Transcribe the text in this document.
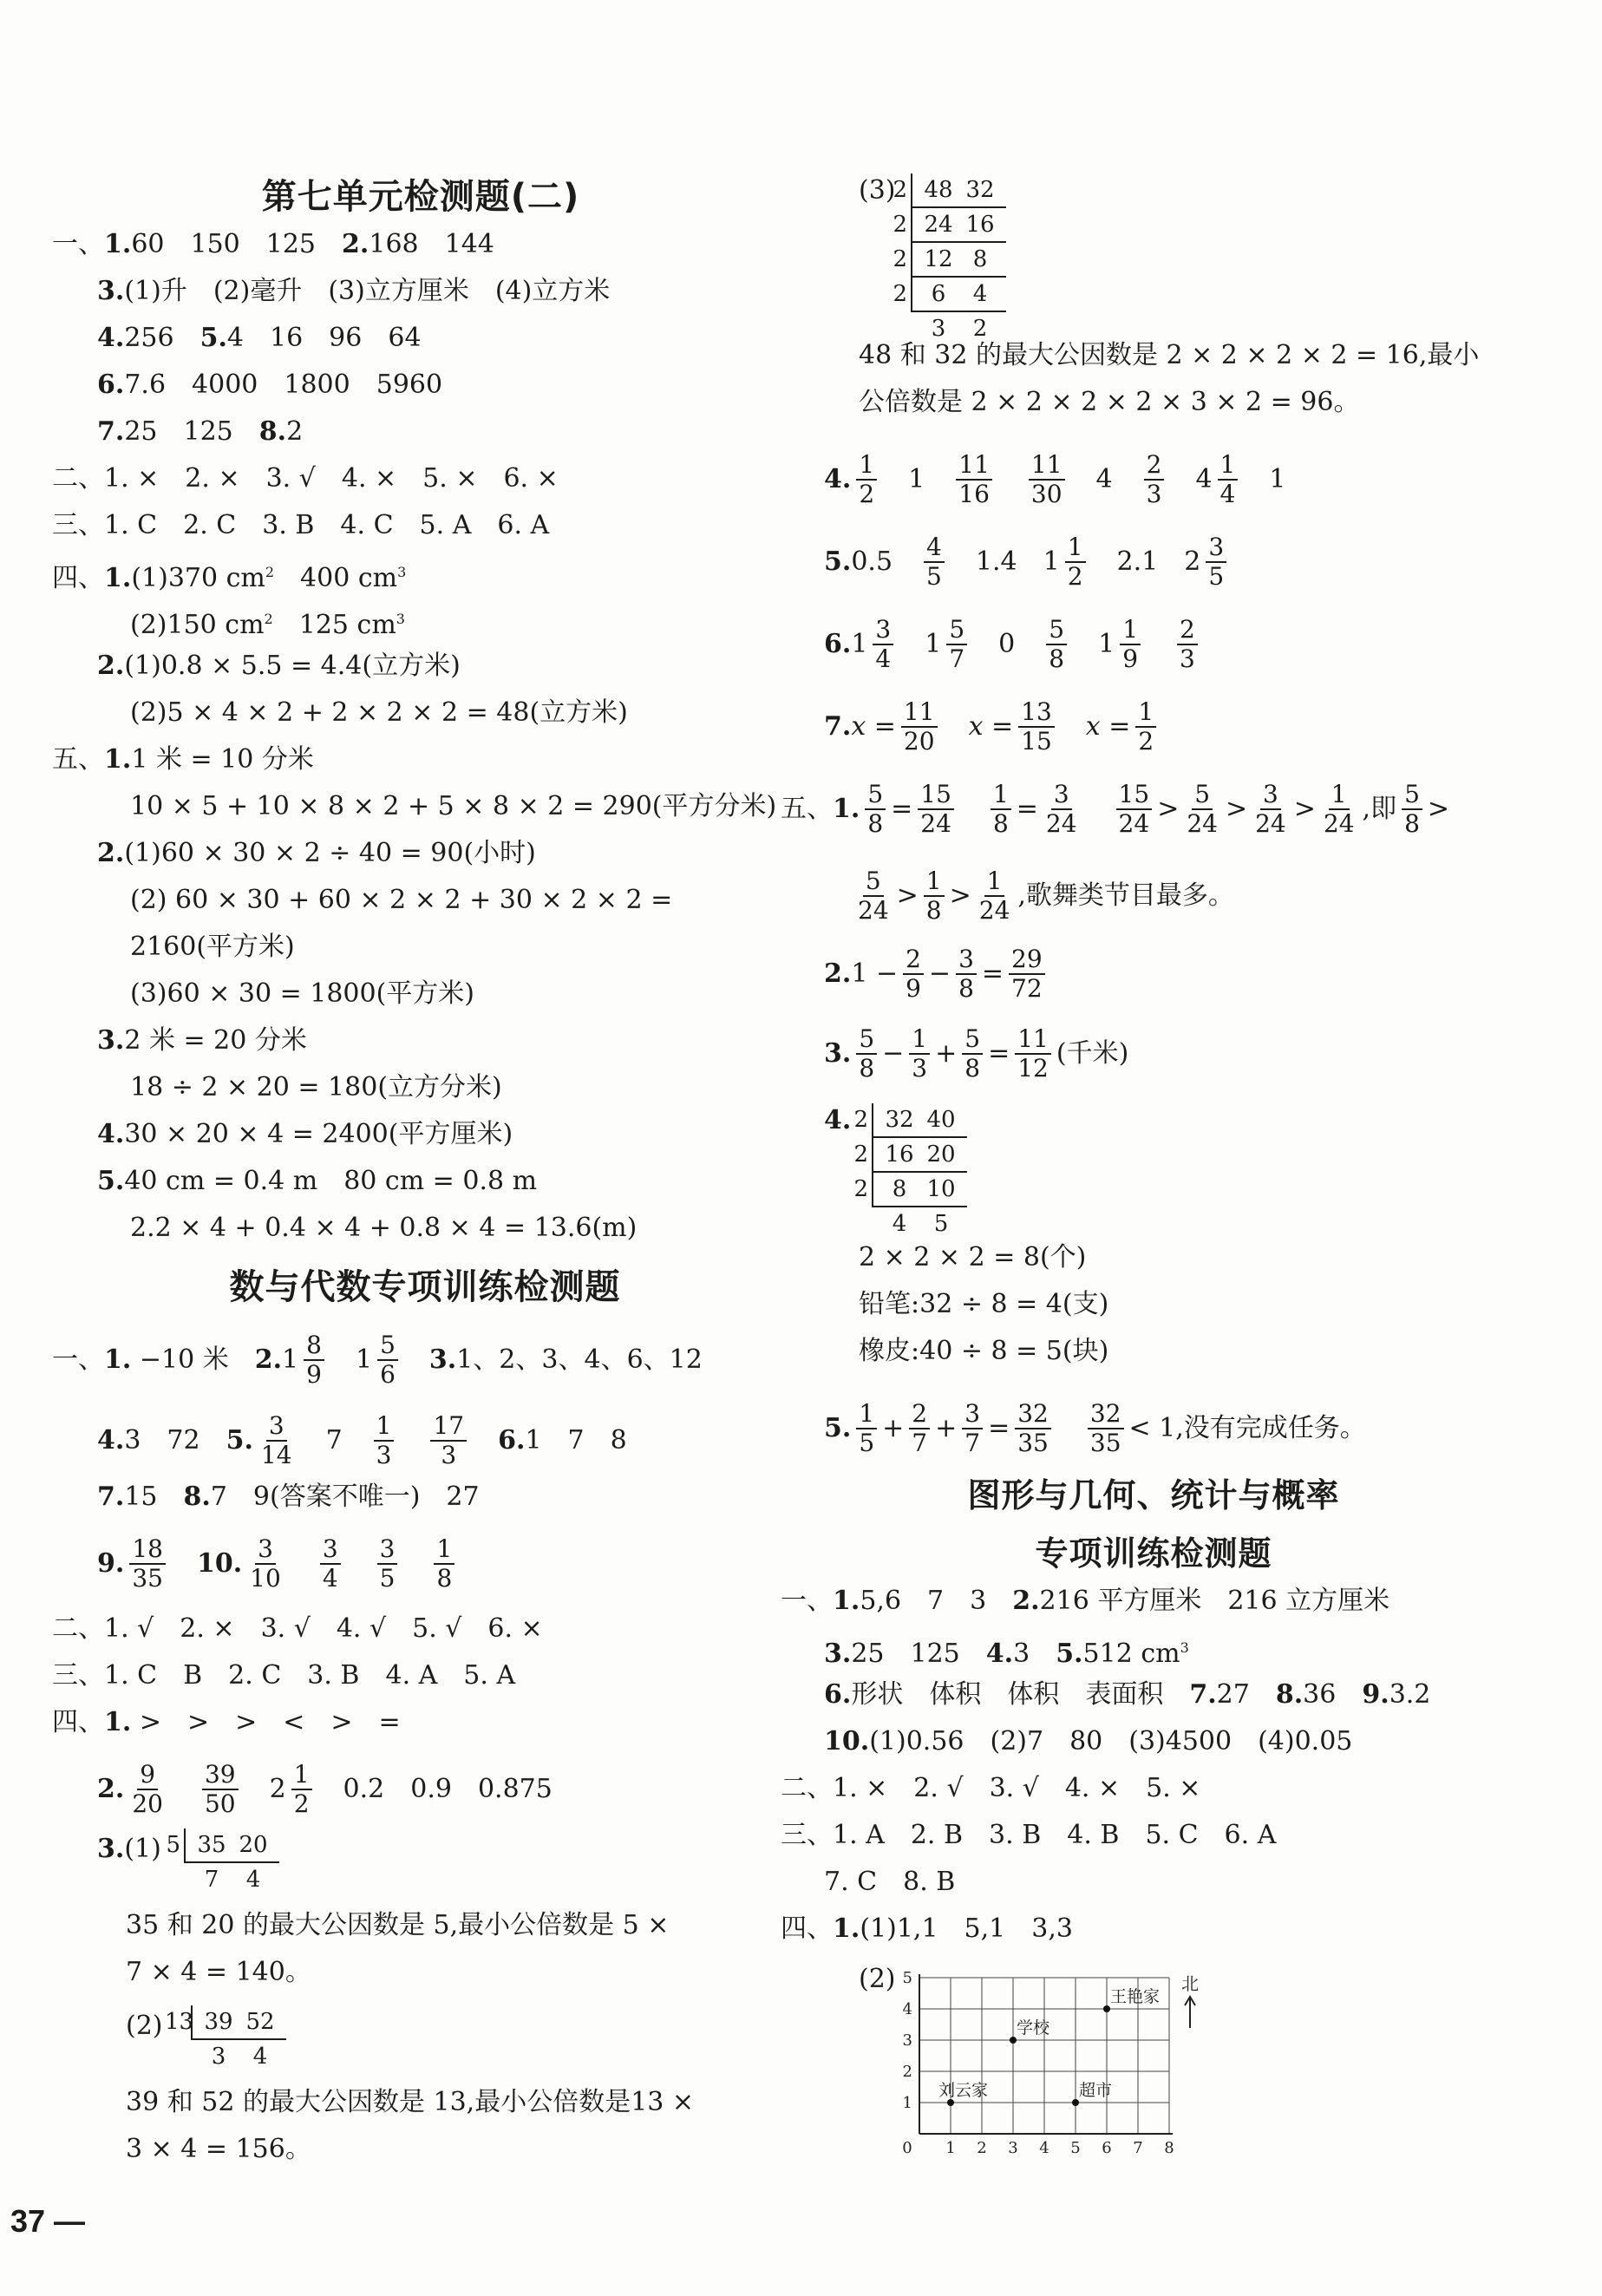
第七单元检测题(二)
一、1.60　150　125　2.168　144
3.(1)升　(2)毫升　(3)立方厘米　(4)立方米
4.256　5.4　16　96　64
6.7.6　4000　1800　5960
7.25　125　8.2
二、1. ×　2. ×　3. √　4. ×　5. ×　6. ×
三、1. C　2. C　3. B　4. C　5. A　6. A
四、1.(1)370 $cm^2$　400 $cm^3$
(2)150 $cm^2$　125 $cm^3$
2.(1)0.8 × 5.5 = 4.4(立方米)
(2)5 × 4 × 2 + 2 × 2 × 2 = 48(立方米)
五、1.1 米 = 10 分米
10 × 5 + 10 × 8 × 2 + 5 × 8 × 2 = 290(平方分米)
2.(1)60 × 30 × 2 ÷ 40 = 90(小时)
(2) 60 × 30 + 60 × 2 × 2 + 30 × 2 × 2 =
2160(平方米)
(3)60 × 30 = 1800(平方米)
3.2 米 = 20 分米
18 ÷ 2 × 20 = 180(立方分米)
4.30 × 20 × 4 = 2400(平方厘米)
5.40 cm = 0.4 m　80 cm = 0.8 m
2.2 × 4 + 0.4 × 4 + 0.8 × 4 = 13.6(m)
数与代数专项训练检测题
一、1. −10 米　$2.1 \frac{8}{9}$ 　$1 \frac{5}{6}$
　 3.1、2、3、4、6、12
4.3　72　5. $\frac{3}{14}$
　 7　 $\frac{1}{3}$
　 $\frac{17}{3}$
　 6.1　7　8
7.15　8.7　9(答案不唯一)　27
9. $\frac{18}{35}$
　 10. $\frac{3}{10}$
　 $\frac{3}{4}$
　 $\frac{3}{5}$
　 $\frac{1}{8}$
二、1. √　2. ×　3. √　4. √　5. √　6. ×
三、1. C　B　2. C　3. B　4. A　5. A
四、1. >　>　>　<　>　=
2. $\frac{9}{20}$
　 $\frac{39}{50}$
　 $2 \frac{1}{2}$
　 0.2　0.9　0.875
3.(1) 5 35 20
7 4
35 和 20 的最大公因数是 5,最小公倍数是 5 ×
7 × 4 = 140。
(2) 13 39 52
3 4
39 和 52 的最大公因数是 13,最小公倍数是13 ×
3 × 4 = 156。
(3)
2 48 32
2 24 16
2 12 8
2	6 4
3 2
48 和 32 的最大公因数是 2 × 2 × 2 × 2 = 16,最小
公倍数是 2 × 2 × 2 × 2 × 3 × 2 = 96。
4. $\frac{1}{2}$
　 1　 $\frac{11}{16}$
　 $\frac{11}{30}$
　 4　 $\frac{2}{3}$
　 $4 \frac{1}{4}$
　 1
5.0.5　 $\frac{4}{5}$
　 1.4　 $1 \frac{1}{2}$
　 2.1　 $2 \frac{3}{5}$
$6.1 \frac{3}{4}$
　 $1 \frac{5}{7}$
　 0　 $\frac{5}{8}$
　 $1 \frac{1}{9}$
　 $\frac{2}{3}$
$7.x = \frac{11}{20}$
　 $x = \frac{13}{15}$
　 $x = \frac{1}{2}$
五、1. $\frac{5}{8} = \frac{15}{24}$
　 $\frac{1}{8} = \frac{3}{24}$
　 $\frac{15}{24} > \frac{5}{24} > \frac{3}{24} > \frac{1}{24}$ ,即 $\frac{5}{8}$ >
$\frac{5}{24} > \frac{1}{8} > \frac{1}{24}$ ,歌舞类节目最多。
$2.1 - \frac{2}{9} - \frac{3}{8} = \frac{29}{72}$
3. $\frac{5}{8} - \frac{1}{3} + \frac{5}{8} = \frac{11}{12}$ (千米)
4. 2 32 40
2 16 20
2	8 10
4 5
2 × 2 × 2 = 8(个)
铅笔:32 ÷ 8 = 4(支)
橡皮:40 ÷ 8 = 5(块)
5. $\frac{1}{5} + \frac{2}{7} + \frac{3}{7} = \frac{32}{35}$
　 $\frac{32}{35} < 1$,没有完成任务。
图形与几何、统计与概率
专项训练检测题
一、1.5,6　7　3　2.216 平方厘米　216 立方厘米
3.25　125　4.3　5.512 $cm^3$
6.形状　体积　体积　表面积　7.27　8.36　9.3.2
10.(1)0.56　(2)7　80　(3)4500　(4)0.05
二、1. ×　2. √　3. √　4. ×　5. ×
三、1. A　2. B　3. B　4. B　5. C　6. A
7. C　8. B
四、1.(1)1,1　5,1　3,3
(2)
0 1 2 3 4 5 6 7 8
1
2
3
4
5
王艳家
学校
刘云家	超市
北
37 —
